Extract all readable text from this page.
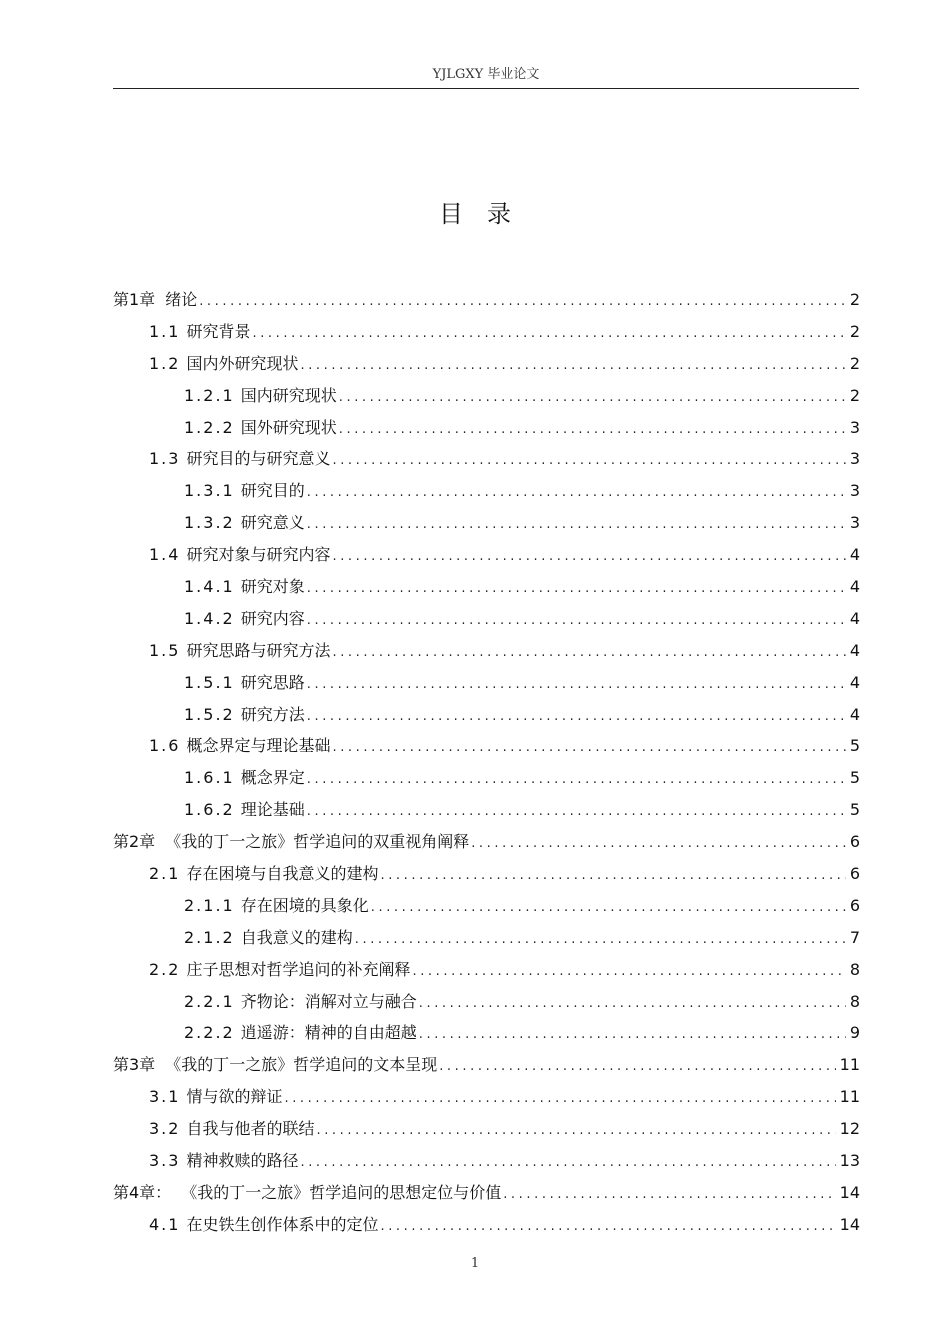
YJLGXY 毕业论文
目录
第1章 绪论 .....	2
1.1 研究背景 .....	2
1.2 国内外研究现状 .....	2
1.2.1 国内研究现状 .....	2
1.2.2 国外研究现状 .....	3
1.3 研究目的与研究意义 .....	3
1.3.1 研究目的 .....	3
1.3.2 研究意义 .....	3
1.4 研究对象与研究内容 .....	4
1.4.1 研究对象 .....	4
1.4.2 研究内容 .....	4
1.5 研究思路与研究方法 .....	4
1.5.1 研究思路 .....	4
1.5.2 研究方法 .....	4
1.6 概念界定与理论基础 .....	5
1.6.1 概念界定 .....	5
1.6.2 理论基础 .....	5
第2章 《我的丁一之旅》哲学追问的双重视角阐释 .....	6
2.1 存在困境与自我意义的建构 .....	6
2.1.1 存在困境的具象化 .....	6
2.1.2 自我意义的建构 .....	7
2.2 庄子思想对哲学追问的补充阐释 .....	8
2.2.1 齐物论：消解对立与融合 .....	8
2.2.2 逍遥游：精神的自由超越 .....	9
第3章 《我的丁一之旅》哲学追问的文本呈现 .....	11
3.1 情与欲的辩证 .....	11
3.2 自我与他者的联结 .....	12
3.3 精神救赎的路径 .....	13
第4章： 《我的丁一之旅》哲学追问的思想定位与价值 .....	14
4.1 在史铁生创作体系中的定位 .....	14
1
